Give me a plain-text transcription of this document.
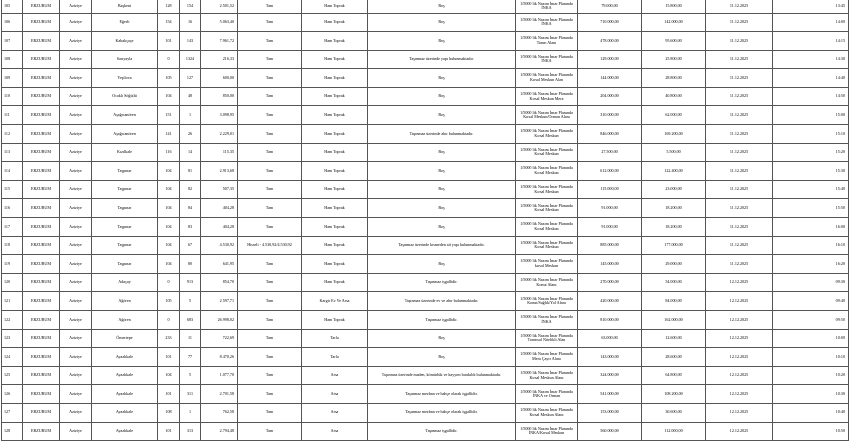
105	ERZURUM	Aziziye	Başkent	128	154	2.501,52	Tam	Ham Toprak	Boş	1/5000 lik Nazım İmar Planında İNKA	79.000,00	15.800,00	11.12.2025	13:45
106	ERZURUM	Aziziye	Eğerli	154	16	5.063,40	Tam	Ham Toprak	Boş	1/5000 lik Nazım İmar Planında İNKA	710.000,00	142.000,00	11.12.2025	14:00
107	ERZURUM	Aziziye	Kabakçaçe	101	143	7.961,72	Tam	Ham Toprak	Boş	1/5000 lik Nazım İmar Planında Tarım Alanı	478.000,00	95.600,00	11.12.2025	14:15
108	ERZURUM	Aziziye	Sarıyayla	0	1324	216,33	Tam	Ham Toprak	Taşınmaz üzerinde yapı bulunmaktadır.	1/5000 lik Nazım İmar Planında İNKA	129.000,00	25.800,00	11.12.2025	14:30
109	ERZURUM	Aziziye	Yeşilova	105	127	600,00	Tam	Ham Toprak	Boş	1/5000 lik Nazım İmar Planında Kırsal Meskun Alan	144.000,00	28.800,00	11.12.2025	14:40
110	ERZURUM	Aziziye	Ocaklı Söğütlü	104	48	850,00	Tam	Ham Toprak	Boş	1/5000 lik Nazım İmar Planında Kırsal Meskun Mera	204.000,00	40.800,00	11.12.2025	14:50
111	ERZURUM	Aziziye	Aşağıcanören	151	1	3.098,95	Tam	Ham Toprak	Boş	1/5000 lik Nazım İmar Planında Kırsal Meskun/Orman Alanı	310.000,00	62.000,00	11.12.2025	15:00
112	ERZURUM	Aziziye	Aşağıcanören	141	26	2.229,01	Tam	Ham Toprak	Taşınmaz üzerinde ahır bulunmaktadır.	1/5000 lik Nazım İmar Planında Kırsal Meskun	846.000,00	169.200,00	11.12.2025	15:10
113	ERZURUM	Aziziye	Kızılkale	116	14	115,35	Tam	Ham Toprak	Boş	1/5000 lik Nazım İmar Planında Kırsal Meskun	27.500,00	5.500,00	11.12.2025	15:20
114	ERZURUM	Aziziye	Taşpınar	104	81	2.913,68	Tam	Ham Toprak	Boş	1/5000 lik Nazım İmar Planında Kırsal Meskun	612.000,00	122.400,00	11.12.2025	15:30
115	ERZURUM	Aziziye	Taşpınar	104	82	507,35	Tam	Ham Toprak	Boş	1/5000 lik Nazım İmar Planında Kırsal Meskun	115.000,00	23.000,00	11.12.2025	15:40
116	ERZURUM	Aziziye	Taşpınar	104	84	404,28	Tam	Ham Toprak	Boş	1/5000 lik Nazım İmar Planında Kırsal Meskun	91.000,00	18.200,00	11.12.2025	15:50
117	ERZURUM	Aziziye	Taşpınar	104	83	404,28	Tam	Ham Toprak	Boş	1/5000 lik Nazım İmar Planında Kırsal Meskun	91.000,00	18.200,00	11.12.2025	16:00
118	ERZURUM	Aziziye	Taşpınar	104	67	4.530,92	Hisseli - 4.530,92/4.530,92	Ham Toprak	Taşınmaz üzerinde kısmeden ait yapı bulunmaktadır.	1/5000 lik Nazım İmar Planında Kırsal Meskun	885.000,00	177.000,00	11.12.2025	16:10
119	ERZURUM	Aziziye	Taşpınar	104	80	641,95	Tam	Ham Toprak	Boş	1/5000 lik Nazım İmar Planında kırsal Meskun	145.000,00	29.000,00	11.12.2025	16:20
120	ERZURUM	Aziziye	Adaçay	0	913	854,70	Tam	Ham Toprak	Taşınmaz işgallidir.	1/5000 lik Nazım İmar Planında Konut Alanı	270.000,00	54.000,00	12.12.2025	09:30
121	ERZURUM	Aziziye	Ağören	105	5	2.597,71	Tam	Kargir Ev Ve Arsa	Taşınmaz üzerinde ev ve ahır bulunmaktadır.	1/5000 lik Nazım İmar Planında Konut/Sağlık/Yol Alanı	420.000,00	84.000,00	12.12.2025	09:40
122	ERZURUM	Aziziye	Ağören	0	683	26.998,02	Tam	Ham Toprak	Taşınmaz işgallidir.	1/5000 lik Nazım İmar Planında İNKA	810.000,00	162.000,00	12.12.2025	09:50
123	ERZURUM	Aziziye	Ömertepe	233	11	722,69	Tam	Tarla	Boş	1/5000 lik Nazım İmar Planında Tarımsal Nitelikli Alan	63.000,00	12.600,00	12.12.2025	10:00
124	ERZURUM	Aziziye	Ayazkkale	101	77	8.470,26	Tam	Tarla	Boş	1/5000 lik Nazım İmar Planında Mera Çayır Alanı	143.000,00	28.600,00	12.12.2025	10:10
125	ERZURUM	Aziziye	Ayazkkale	104	5	1.077,70	Tam	Arsa	Taşınmaz üzerinde maden, kömürlük ve kayyım bırakıldı bulunmaktadır.	1/5000 lik Nazım İmar Planında Kırsal Meskun Alanı	324.000,00	64.800,00	12.12.2025	10:20
126	ERZURUM	Aziziye	Ayazkkale	101	311	2.701,58	Tam	Arsa	Taşınmaz mezban ve bahçe olarak işgallidir.	1/5000 lik Nazım İmar Planında İNKA ve Orman	541.000,00	108.200,00	12.12.2025	10:30
127	ERZURUM	Aziziye	Ayazkkale	108	1	762,58	Tam	Arsa	Taşınmaz mezban ve bahçe olarak işgallidir.	1/5000 lik Nazım İmar Planında Kırsal Meskun Alanı	153.000,00	30.600,00	12.12.2025	10:40
128	ERZURUM	Aziziye	Ayazkkale	101	313	2.794,48	Tam	Arsa	Taşınmaz işgallidir.	1/5000 lik Nazım İmar Planında İNKA/Kırsal Meskun	560.000,00	112.000,00	12.12.2025	10:50
